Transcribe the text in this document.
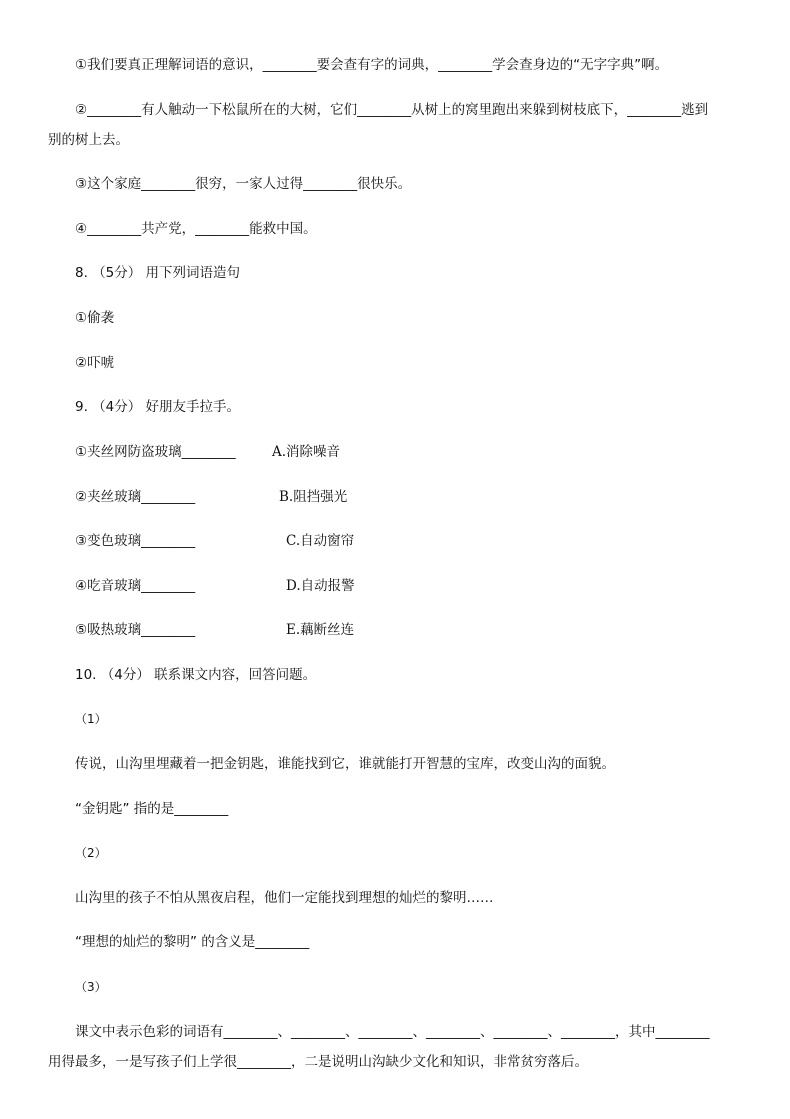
①我们要真正理解词语的意识，________要会查有字的词典，________学会查身边的“无字字典”啊。
②________有人触动一下松鼠所在的大树，它们________从树上的窝里跑出来躲到树枝底下，________逃到
别的树上去。
③这个家庭________很穷，一家人过得________很快乐。
④________共产党，________能救中国。
8. （5分） 用下列词语造句
①偷袭
②吓唬
9. （4分） 好朋友手拉手。
①夹丝网防盗玻璃________	A.消除噪音
②夹丝玻璃________	B.阻挡强光
③变色玻璃________	C.自动窗帘
④吃音玻璃________	D.自动报警
⑤吸热玻璃________	E.藕断丝连
10. （4分） 联系课文内容，回答问题。
（1）
传说，山沟里埋藏着一把金钥匙，谁能找到它，谁就能打开智慧的宝库，改变山沟的面貌。
“金钥匙” 指的是________
（2）
山沟里的孩子不怕从黑夜启程，他们一定能找到理想的灿烂的黎明……
“理想的灿烂的黎明” 的含义是________
（3）
课文中表示色彩的词语有________、________、________、________、________、________，其中________
用得最多，一是写孩子们上学很________，二是说明山沟缺少文化和知识，非常贫穷落后。
